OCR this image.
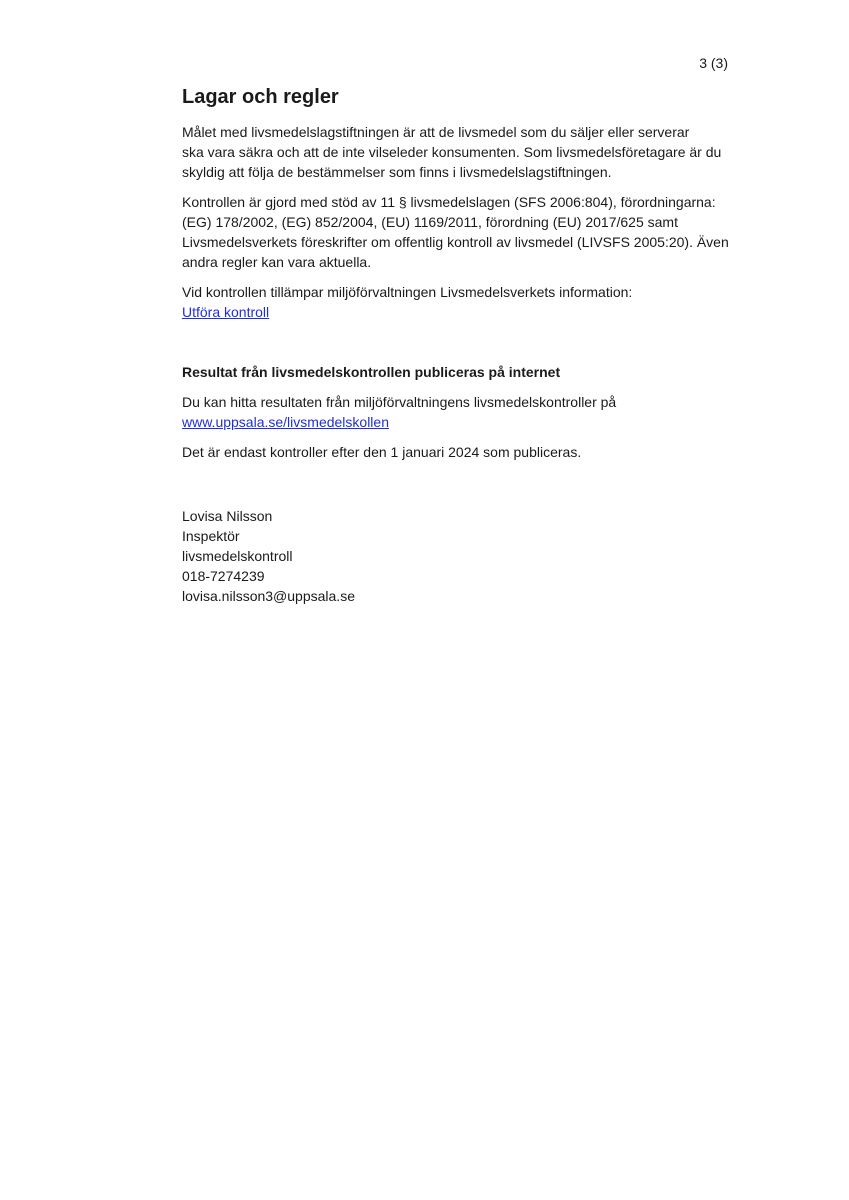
3 (3)
Lagar och regler
Målet med livsmedelslagstiftningen är att de livsmedel som du säljer eller serverar
ska vara säkra och att de inte vilseleder konsumenten. Som livsmedelsföretagare är du
skyldig att följa de bestämmelser som finns i livsmedelslagstiftningen.
Kontrollen är gjord med stöd av 11 § livsmedelslagen (SFS 2006:804), förordningarna:
(EG) 178/2002, (EG) 852/2004, (EU) 1169/2011, förordning (EU) 2017/625 samt
Livsmedelsverkets föreskrifter om offentlig kontroll av livsmedel (LIVSFS 2005:20). Även
andra regler kan vara aktuella.
Vid kontrollen tillämpar miljöförvaltningen Livsmedelsverkets information:
Utföra kontroll
Resultat från livsmedelskontrollen publiceras på internet
Du kan hitta resultaten från miljöförvaltningens livsmedelskontroller på
www.uppsala.se/livsmedelskollen
Det är endast kontroller efter den 1 januari 2024 som publiceras.
Lovisa Nilsson
Inspektör
livsmedelskontroll
018-7274239
lovisa.nilsson3@uppsala.se
